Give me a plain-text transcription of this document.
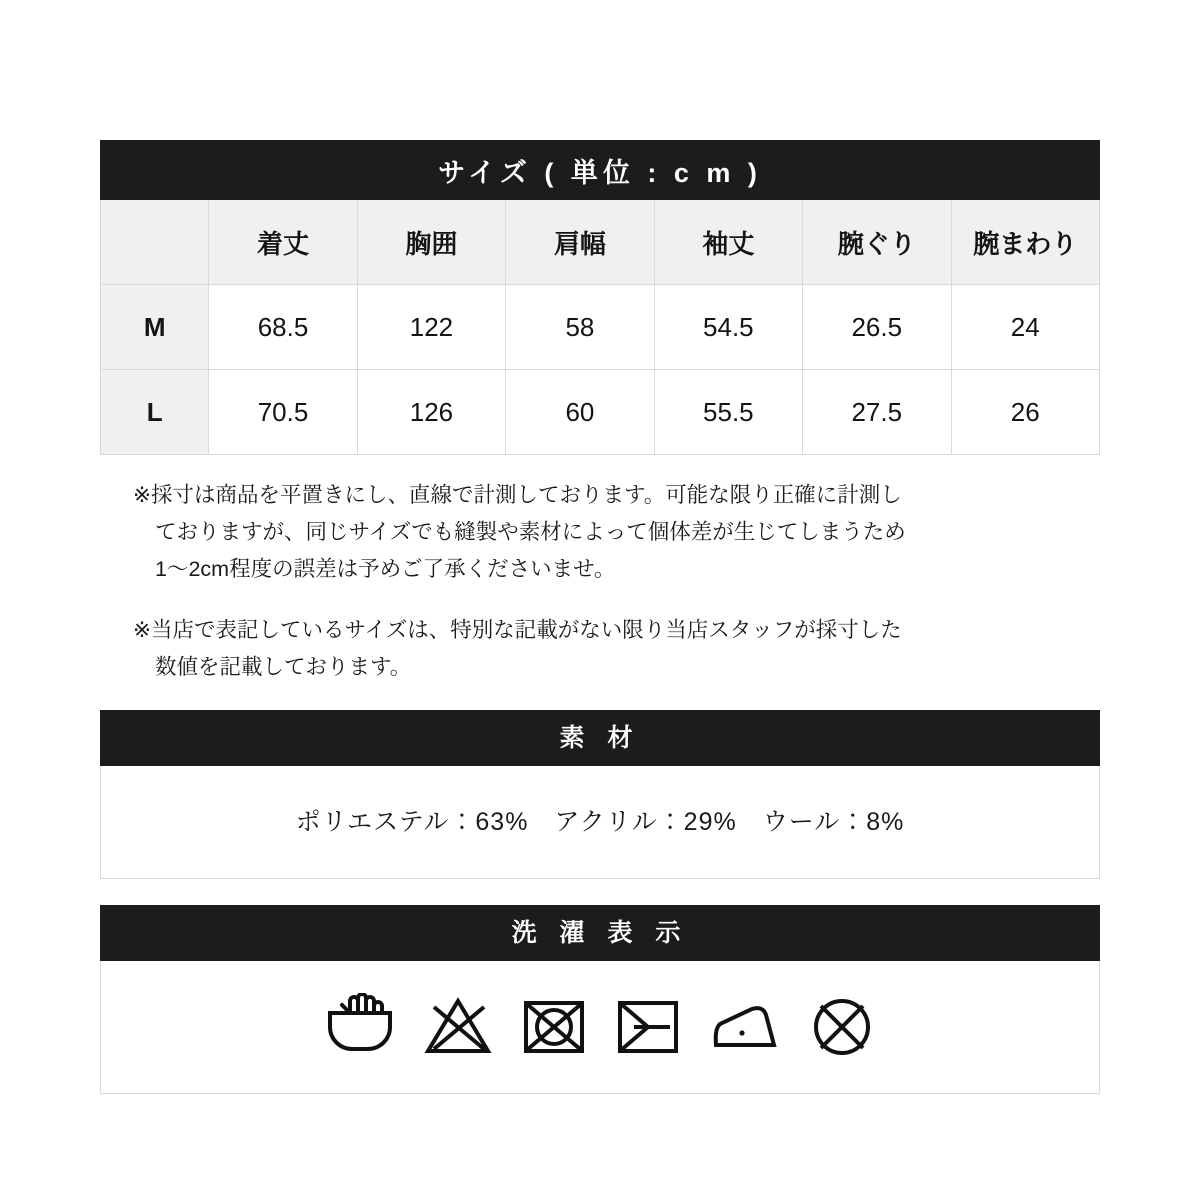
サイズ ( 単位 : c m )						
	着丈	胸囲	肩幅	袖丈	腕ぐり	腕まわり
M	68.5	122	58	54.5	26.5	24
L	70.5	126	60	55.5	27.5	26
※採寸は商品を平置きにし、直線で計測しております。可能な限り正確に計測し
ておりますが、同じサイズでも縫製や素材によって個体差が生じてしまうため
1〜2cm程度の誤差は予めご了承くださいませ。
※当店で表記しているサイズは、特別な記載がない限り当店スタッフが採寸した
数値を記載しております。
素 材
ポリエステル：63%　アクリル：29%　ウール：8%
洗 濯 表 示
